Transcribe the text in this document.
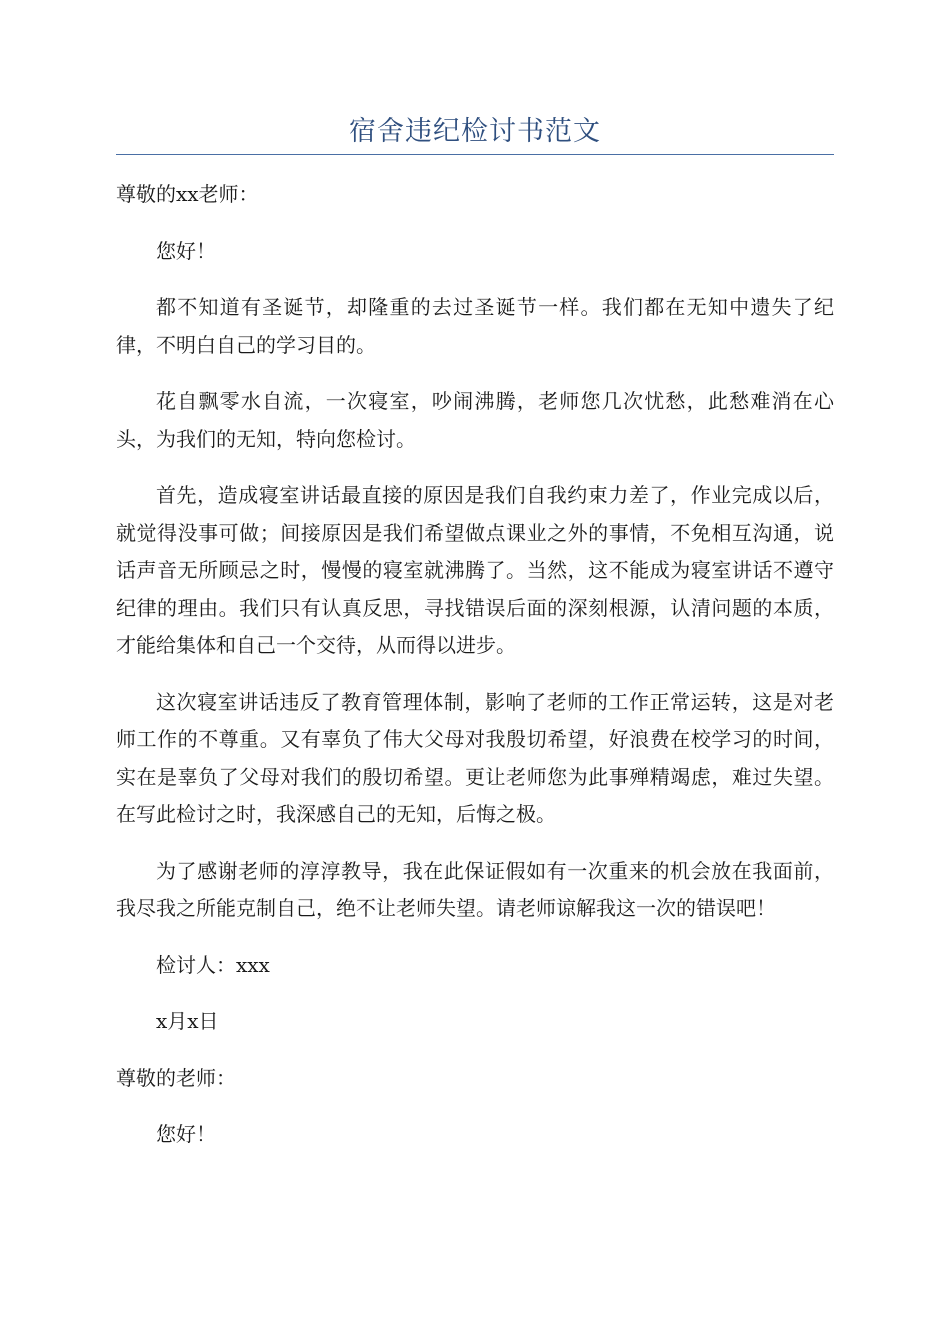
宿舍违纪检讨书范文

尊敬的xx老师：

您好！

都不知道有圣诞节，却隆重的去过圣诞节一样。我们都在无知中遗失了纪律，不明白自己的学习目的。

花自飘零水自流，一次寝室，吵闹沸腾，老师您几次忧愁，此愁难消在心头，为我们的无知，特向您检讨。

首先，造成寝室讲话最直接的原因是我们自我约束力差了，作业完成以后，就觉得没事可做；间接原因是我们希望做点课业之外的事情，不免相互沟通，说话声音无所顾忌之时，慢慢的寝室就沸腾了。当然，这不能成为寝室讲话不遵守纪律的理由。我们只有认真反思，寻找错误后面的深刻根源，认清问题的本质，才能给集体和自己一个交待，从而得以进步。

这次寝室讲话违反了教育管理体制，影响了老师的工作正常运转，这是对老师工作的不尊重。又有辜负了伟大父母对我殷切希望，好浪费在校学习的时间，实在是辜负了父母对我们的殷切希望。更让老师您为此事殚精竭虑，难过失望。在写此检讨之时，我深感自己的无知，后悔之极。

为了感谢老师的淳淳教导，我在此保证假如有一次重来的机会放在我面前，我尽我之所能克制自己，绝不让老师失望。请老师谅解我这一次的错误吧！

检讨人：xxx

x月x日

尊敬的老师：

您好！
